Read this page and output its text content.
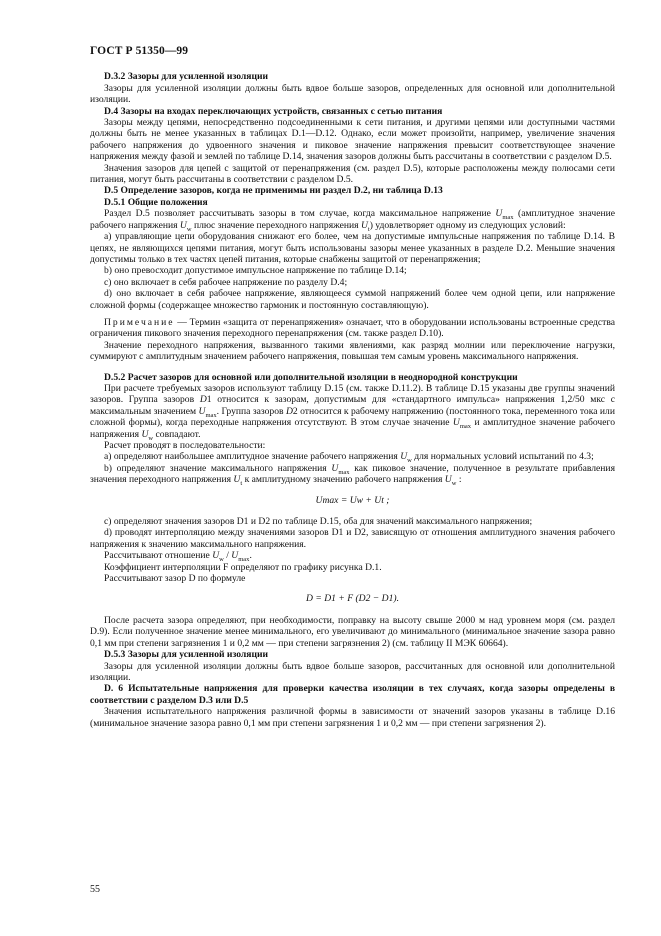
ГОСТ Р 51350—99

D.3.2 Зазоры для усиленной изоляции

Зазоры для усиленной изоляции должны быть вдвое больше зазоров, определенных для основной или дополнительной изоляции.

D.4 Зазоры на входах переключающих устройств, связанных с сетью питания

Зазоры между цепями, непосредственно подсоединенными к сети питания, и другими цепями или доступными частями должны быть не менее указанных в таблицах D.1—D.12. Однако, если может произойти, например, увеличение значения рабочего напряжения до удвоенного значения и пиковое значение напряжения превысит соответствующее значение напряжения между фазой и землей по таблице D.14, значения зазоров должны быть рассчитаны в соответствии с разделом D.5.

Значения зазоров для цепей с защитой от перенапряжения (см. раздел D.5), которые расположены между полюсами сети питания, могут быть рассчитаны в соответствии с разделом D.5.

D.5 Определение зазоров, когда не применимы ни раздел D.2, ни таблица D.13

D.5.1 Общие положения

Раздел D.5 позволяет рассчитывать зазоры в том случае, когда максимальное напряжение $U_{max}$ (амплитудное значение рабочего напряжения $U_w$ плюс значение переходного напряжения $U_t$) удовлетворяет одному из следующих условий:

а) управляющие цепи оборудования снижают его более, чем на допустимые импульсные напряжения по таблице D.14. В цепях, не являющихся цепями питания, могут быть использованы зазоры менее указанных в разделе D.2. Меньшие значения допустимы только в тех частях цепей питания, которые снабжены защитой от перенапряжения;

b) оно превосходит допустимое импульсное напряжение по таблице D.14;

c) оно включает в себя рабочее напряжение по разделу D.4;

d) оно включает в себя рабочее напряжение, являющееся суммой напряжений более чем одной цепи, или напряжение сложной формы (содержащее множество гармоник и постоянную составляющую).

Примечание — Термин «защита от перенапряжения» означает, что в оборудовании использованы встроенные средства ограничения пикового значения переходного перенапряжения (см. также раздел D.10).

Значение переходного напряжения, вызванного такими явлениями, как разряд молнии или переключение нагрузки, суммируют с амплитудным значением рабочего напряжения, повышая тем самым уровень максимального напряжения.

D.5.2 Расчет зазоров для основной или дополнительной изоляции в неоднородной конструкции

При расчете требуемых зазоров используют таблицу D.15 (см. также D.11.2). В таблице D.15 указаны две группы значений зазоров. Группа зазоров D1 относится к зазорам, допустимым для «стандартного импульса» напряжения 1,2/50 мкс с максимальным значением $U_{max}$. Группа зазоров D2 относится к рабочему напряжению (постоянного тока, переменного тока или сложной формы), когда переходные напряжения отсутствуют. В этом случае значение $U_{max}$ и амплитудное значение рабочего напряжения $U_w$ совпадают.

Расчет проводят в последовательности:

а) определяют наибольшее амплитудное значение рабочего напряжения $U_w$ для нормальных условий испытаний по 4.3;

b) определяют значение максимального напряжения $U_{max}$ как пиковое значение, полученное в результате прибавления значения переходного напряжения $U_t$ к амплитудному значению рабочего напряжения $U_w$ :

Umax = Uw + Ut ;

c) определяют значения зазоров D1 и D2 по таблице D.15, оба для значений максимального напряжения;

d) проводят интерполяцию между значениями зазоров D1 и D2, зависящую от отношения амплитудного значения рабочего напряжения к значению максимального напряжения.

Рассчитывают отношение $U_w / U_{max}$.

Коэффициент интерполяции F определяют по графику рисунка D.1.

Рассчитывают зазор D по формуле

D = D1 + F (D2 − D1).

После расчета зазора определяют, при необходимости, поправку на высоту свыше 2000 м над уровнем моря (см. раздел D.9). Если полученное значение менее минимального, его увеличивают до минимального (минимальное значение зазора равно 0,1 мм при степени загрязнения 1 и 0,2 мм — при степени загрязнения 2) (см. таблицу II МЭК 60664).

D.5.3 Зазоры для усиленной изоляции

Зазоры для усиленной изоляции должны быть вдвое больше зазоров, рассчитанных для основной или дополнительной изоляции.

D. 6 Испытательные напряжения для проверки качества изоляции в тех случаях, когда зазоры определены в соответствии с разделом D.3 или D.5

Значения испытательного напряжения различной формы в зависимости от значений зазоров указаны в таблице D.16 (минимальное значение зазора равно 0,1 мм при степени загрязнения 1 и 0,2 мм — при степени загрязнения 2).

55
